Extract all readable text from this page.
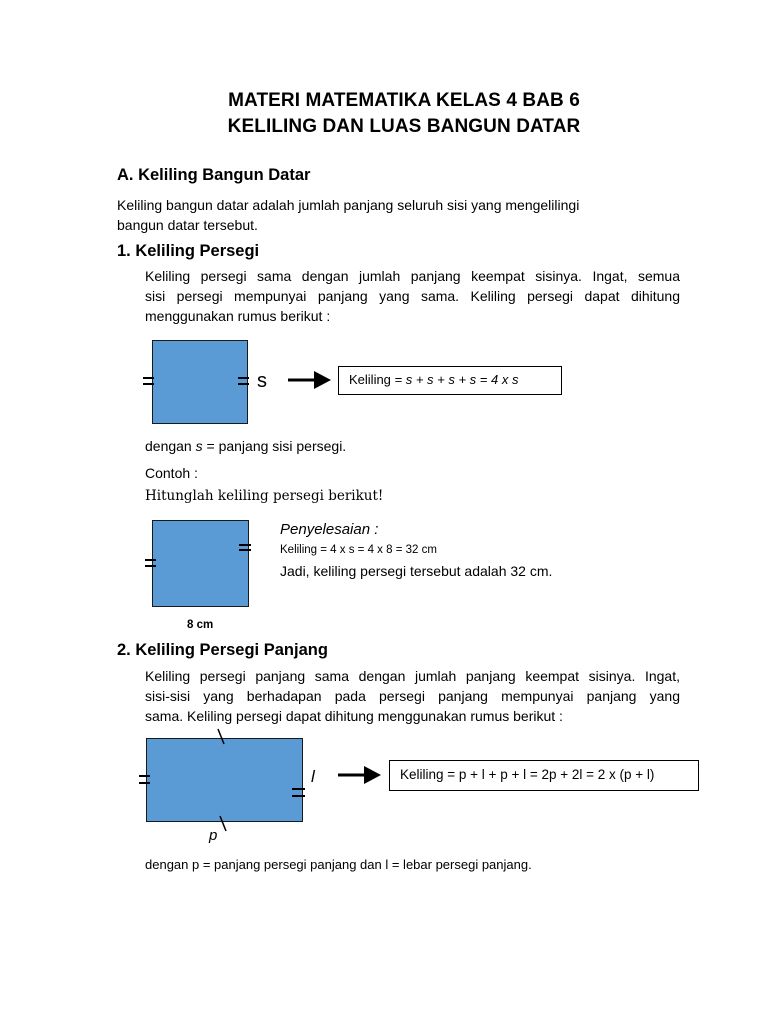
MATERI MATEMATIKA KELAS 4 BAB 6
KELILING DAN LUAS BANGUN DATAR
A. Keliling Bangun Datar
Keliling bangun datar adalah jumlah panjang seluruh sisi yang mengelilingi
bangun datar tersebut.
1. Keliling Persegi
Keliling persegi sama dengan jumlah panjang keempat sisinya. Ingat, semua
sisi persegi mempunyai panjang yang sama. Keliling persegi dapat dihitung
menggunakan rumus berikut :
s	Keliling = s + s + s + s = 4 x s
dengan s = panjang sisi persegi.
Contoh :
Hitunglah keliling persegi berikut!
8 cm
Penyelesaian :
Keliling = 4 x s = 4 x 8 = 32 cm
Jadi, keliling persegi tersebut adalah 32 cm.
2. Keliling Persegi Panjang
Keliling persegi panjang sama dengan jumlah panjang keempat sisinya. Ingat,
sisi-sisi yang berhadapan pada persegi panjang mempunyai panjang yang
sama. Keliling persegi dapat dihitung menggunakan rumus berikut :
l
p
Keliling = p + l + p + l = 2p + 2l = 2 x (p + l)
dengan p = panjang persegi panjang dan l = lebar persegi panjang.
